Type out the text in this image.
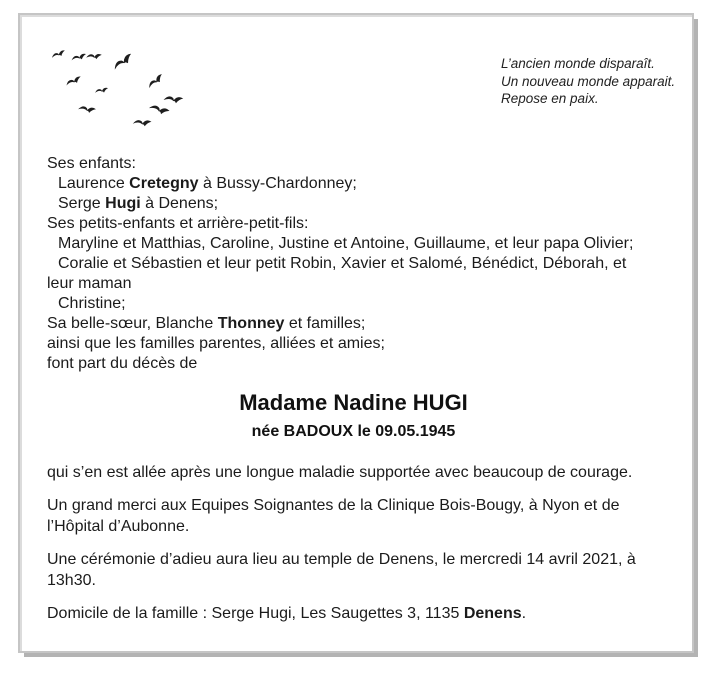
L’ancien monde disparaît.
Un nouveau monde apparait.
Repose en paix.
Ses enfants:
Laurence Cretegny à Bussy-Chardonney;
Serge Hugi à Denens;
Ses petits-enfants et arrière-petit-fils:
Maryline et Matthias, Caroline, Justine et Antoine, Guillaume, et leur papa Olivier;
Coralie et Sébastien et leur petit Robin, Xavier et Salomé, Bénédict, Déborah, et
leur maman
Christine;
Sa belle-sœur, Blanche Thonney et familles;
ainsi que les familles parentes, alliées et amies;
font part du décès de
Madame Nadine HUGI
née BADOUX le 09.05.1945
qui s’en est allée après une longue maladie supportée avec beaucoup de courage.
Un grand merci aux Equipes Soignantes de la Clinique Bois-Bougy, à Nyon et de l’Hôpital d’Aubonne.
Une cérémonie d’adieu aura lieu au temple de Denens, le mercredi 14 avril 2021, à 13h30.
Domicile de la famille : Serge Hugi, Les Saugettes 3, 1135 Denens.
